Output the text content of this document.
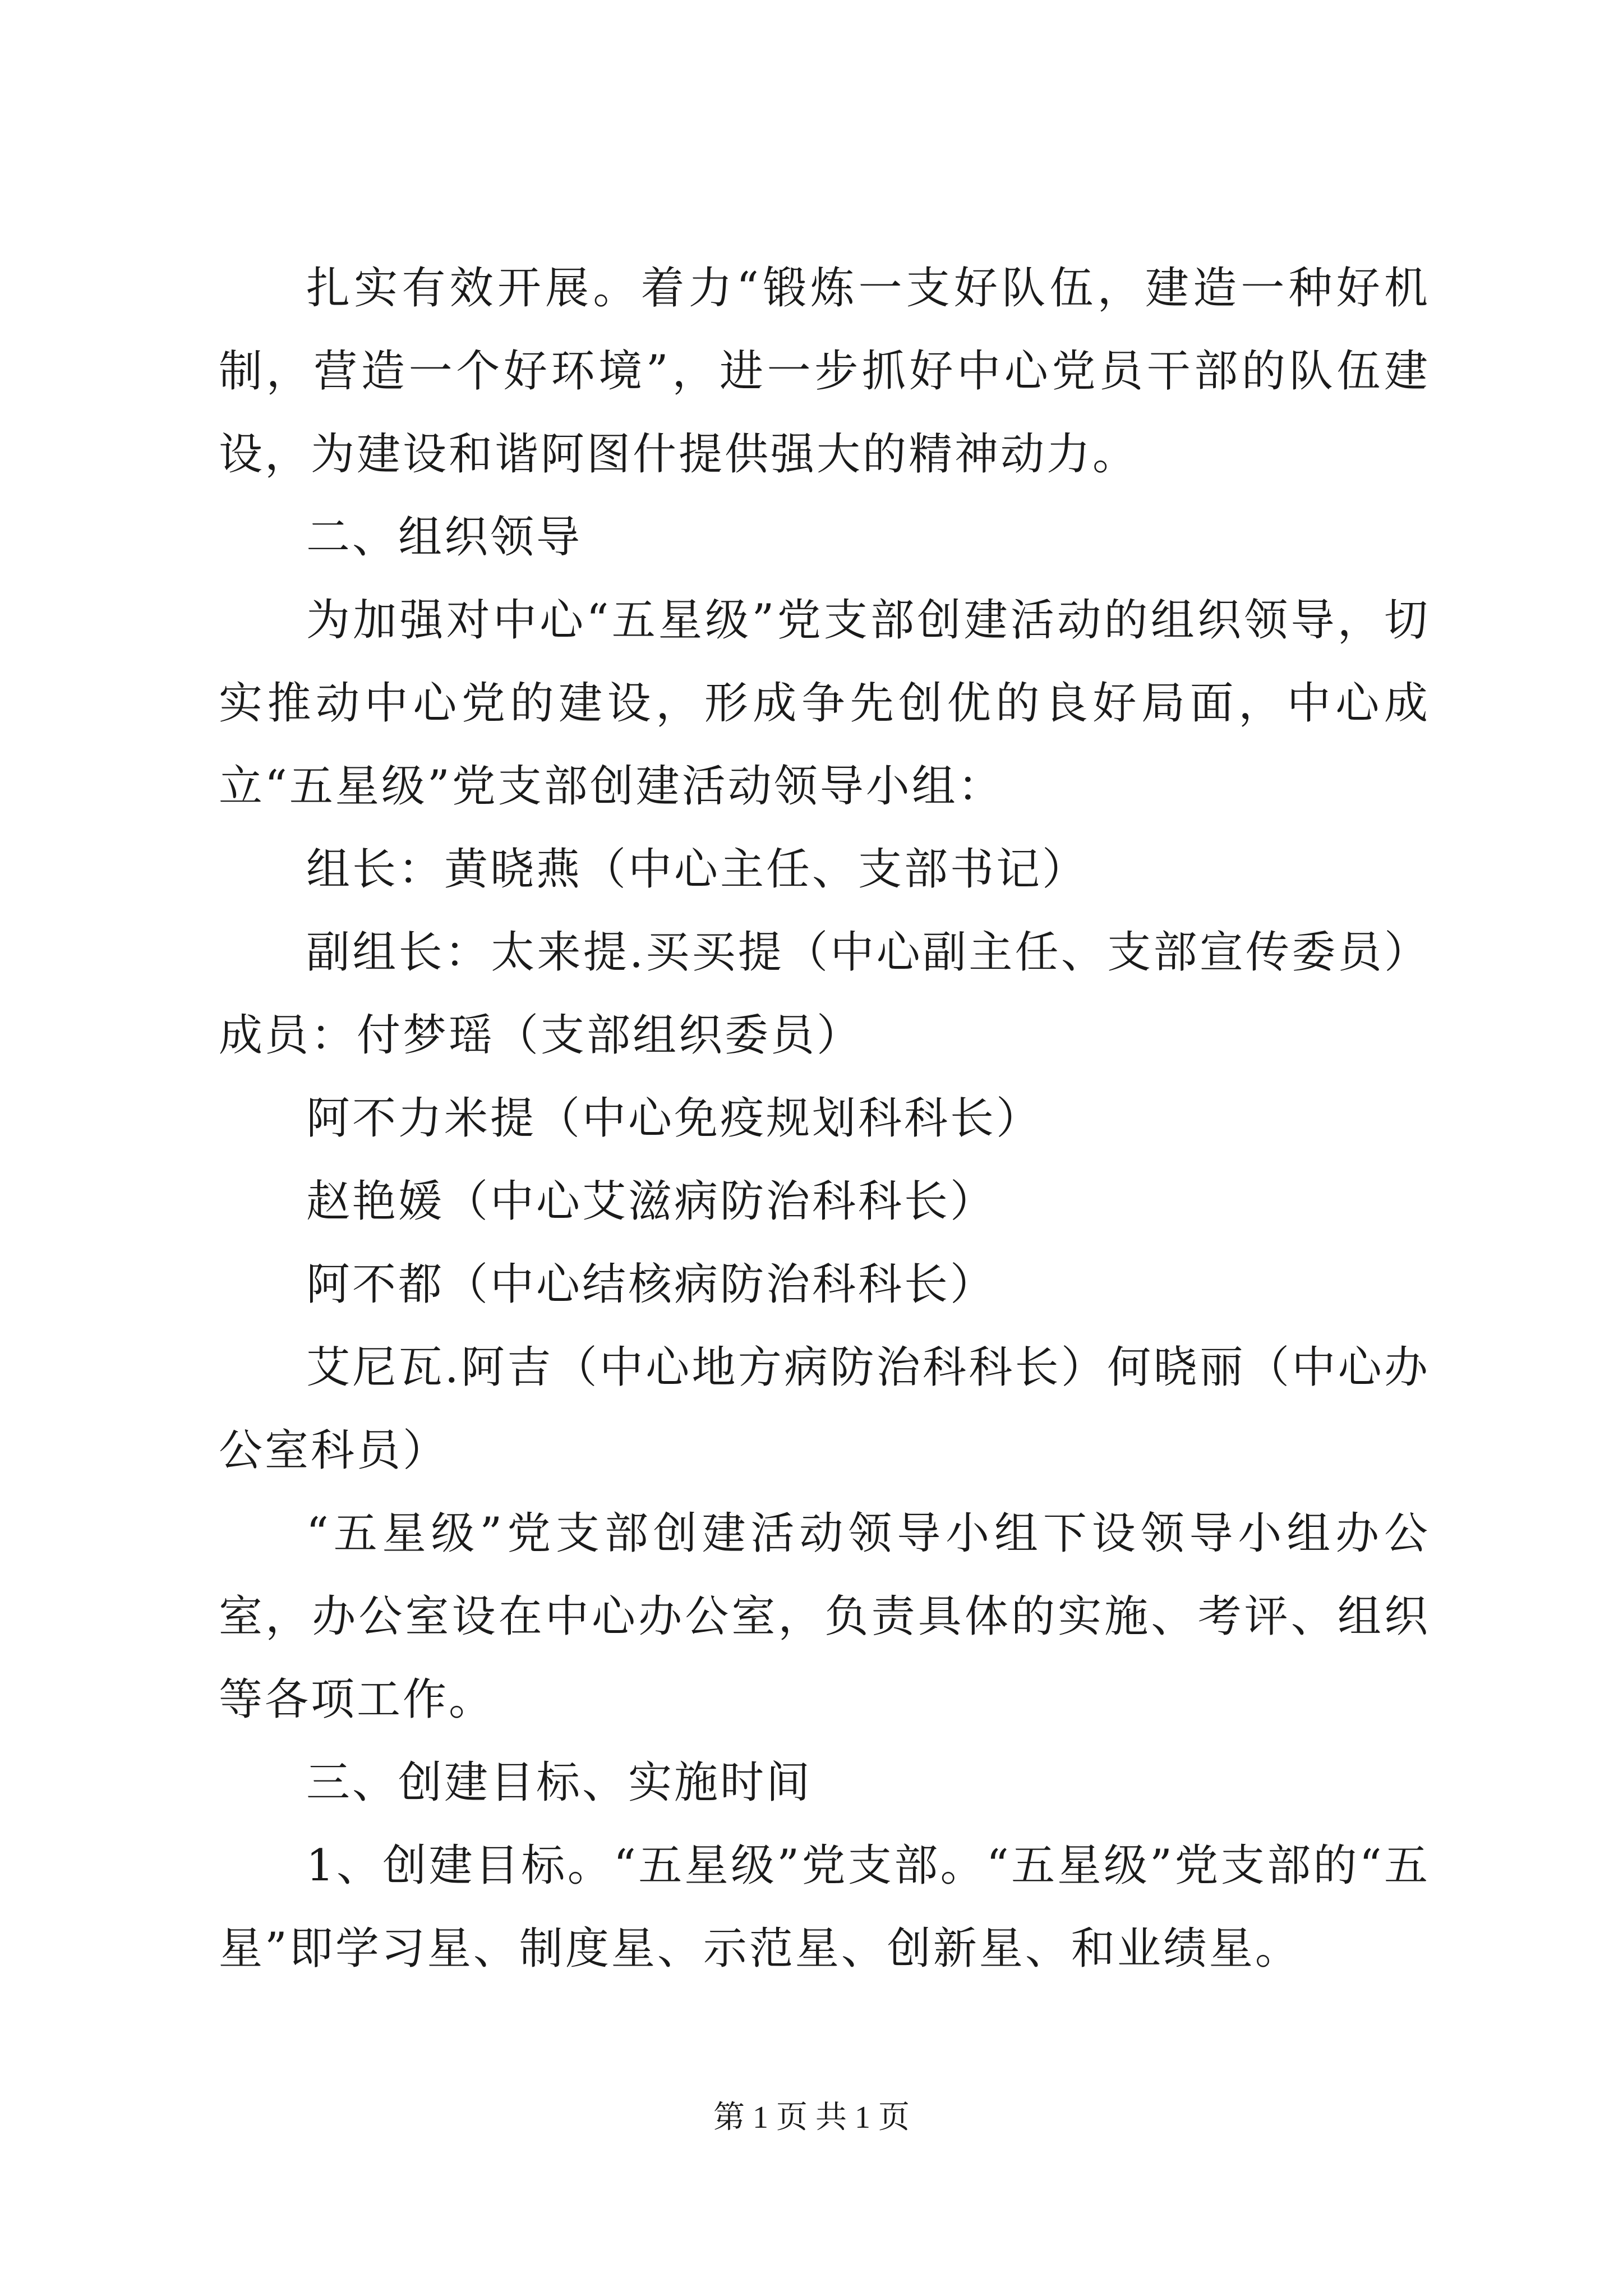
扎实有效开展。着力“锻炼一支好队伍，建造一种好机制，营造一个好环境”，进一步抓好中心党员干部的队伍建设，为建设和谐阿图什提供强大的精神动力。

二、组织领导

为加强对中心“五星级”党支部创建活动的组织领导，切实推动中心党的建设，形成争先创优的良好局面，中心成立“五星级”党支部创建活动领导小组：

组长：黄晓燕（中心主任、支部书记）

副组长：太来提.买买提（中心副主任、支部宣传委员）成员：付梦瑶（支部组织委员）

阿不力米提（中心免疫规划科科长）

赵艳媛（中心艾滋病防治科科长）

阿不都（中心结核病防治科科长）

艾尼瓦.阿吉（中心地方病防治科科长）何晓丽（中心办公室科员）

“五星级”党支部创建活动领导小组下设领导小组办公室，办公室设在中心办公室，负责具体的实施、考评、组织等各项工作。

三、创建目标、实施时间

1、创建目标。“五星级”党支部。“五星级”党支部的“五星”即学习星、制度星、示范星、创新星、和业绩星。

第 1 页 共 1 页
